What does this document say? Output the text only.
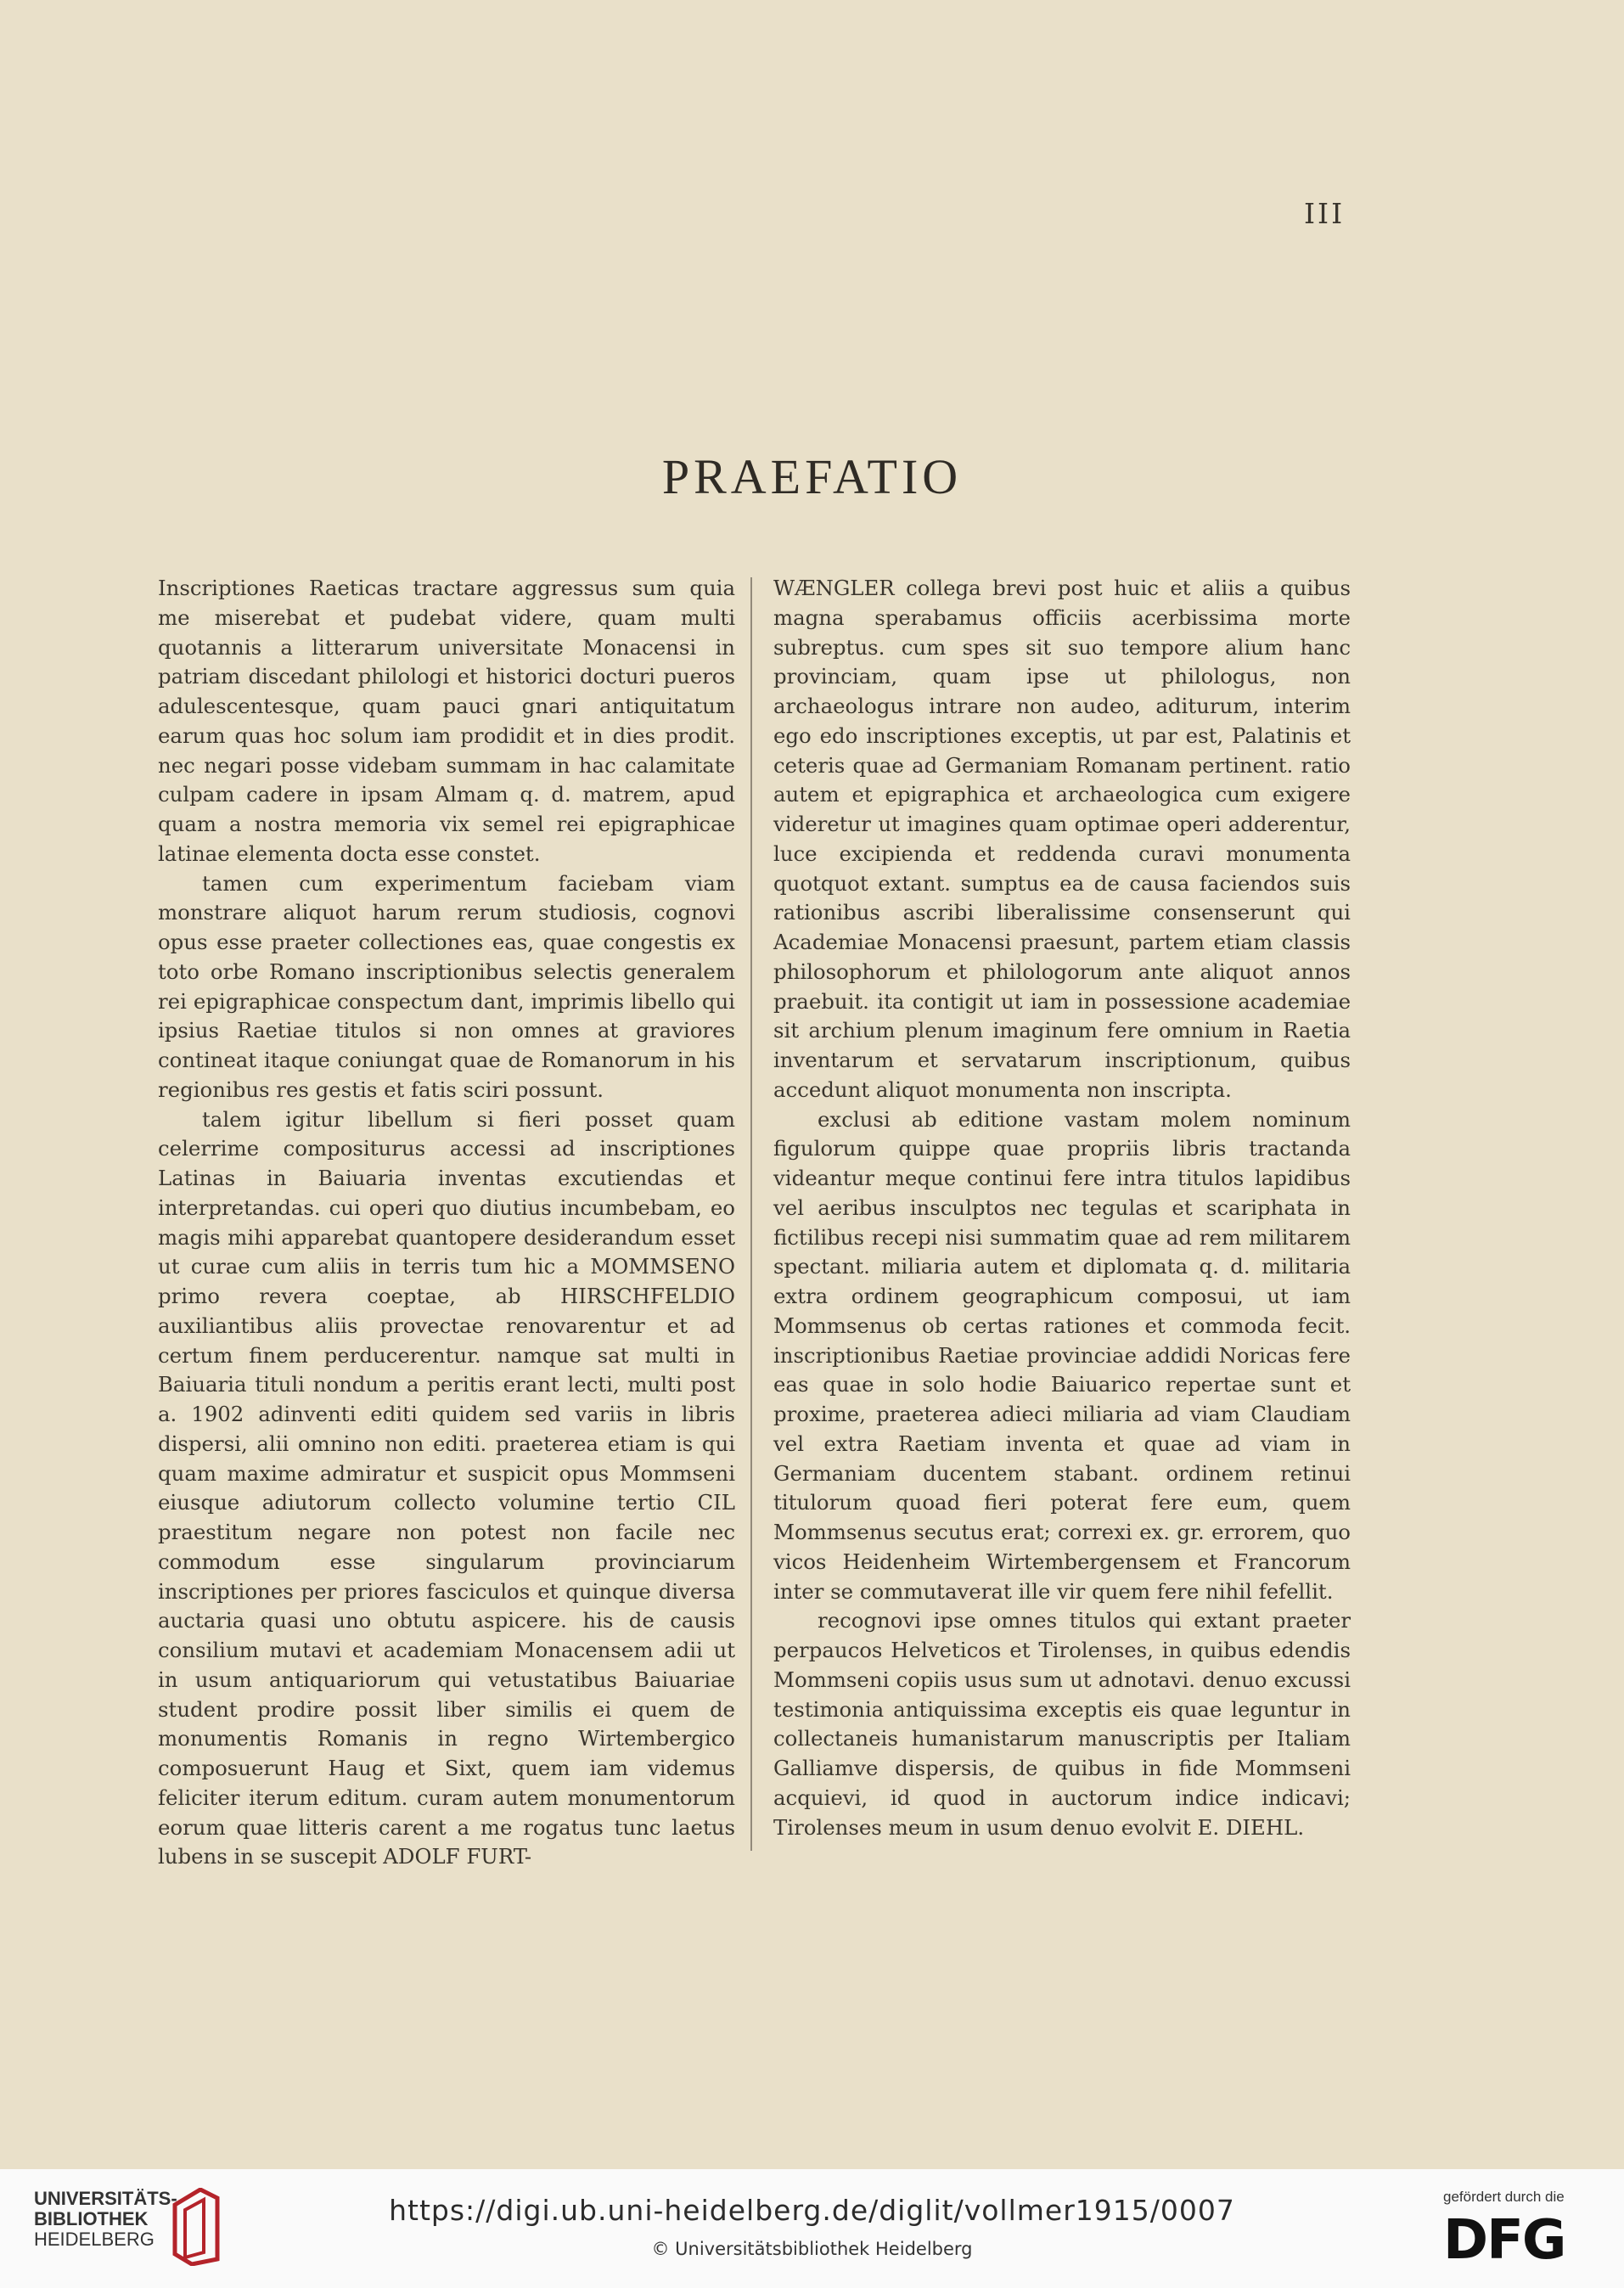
III
PRAEFATIO

Inscriptiones Raeticas tractare aggressus sum quia me miserebat et pudebat videre, quam multi quotannis a litterarum universitate Monacensi in patriam discedant philologi et historici docturi pueros adulescentesque, quam pauci gnari antiquitatum earum quas hoc solum iam prodidit et in dies prodit. nec negari posse videbam summam in hac calamitate culpam cadere in ipsam Almam q. d. matrem, apud quam a nostra memoria vix semel rei epigraphicae latinae elementa docta esse constet.

tamen cum experimentum faciebam viam monstrare aliquot harum rerum studiosis, cognovi opus esse praeter collectiones eas, quae congestis ex toto orbe Romano inscriptionibus selectis generalem rei epigraphicae conspectum dant, imprimis libello qui ipsius Raetiae titulos si non omnes at graviores contineat itaque coniungat quae de Romanorum in his regionibus res gestis et fatis sciri possunt.

talem igitur libellum si fieri posset quam celerrime compositurus accessi ad inscriptiones Latinas in Baiuaria inventas excutiendas et interpretandas. cui operi quo diutius incumbebam, eo magis mihi apparebat quantopere desiderandum esset ut curae cum aliis in terris tum hic a MOMMSENO primo revera coeptae, ab HIRSCHFELDIO auxiliantibus aliis provectae renovarentur et ad certum finem perducerentur. namque sat multi in Baiuaria tituli nondum a peritis erant lecti, multi post a. 1902 adinventi editi quidem sed variis in libris dispersi, alii omnino non editi. praeterea etiam is qui quam maxime admiratur et suspicit opus Mommseni eiusque adiutorum collecto volumine tertio CIL praestitum negare non potest non facile nec commodum esse singularum provinciarum inscriptiones per priores fasciculos et quinque diversa auctaria quasi uno obtutu aspicere. his de causis consilium mutavi et academiam Monacensem adii ut in usum antiquariorum qui vetustatibus Baiuariae student prodire possit liber similis ei quem de monumentis Romanis in regno Wirtembergico composuerunt Haug et Sixt, quem iam videmus feliciter iterum editum. curam autem monumentorum eorum quae litteris carent a me rogatus tunc laetus lubens in se suscepit ADOLF FURT-

WÆNGLER collega brevi post huic et aliis a quibus magna sperabamus officiis acerbissima morte subreptus. cum spes sit suo tempore alium hanc provinciam, quam ipse ut philologus, non archaeologus intrare non audeo, aditurum, interim ego edo inscriptiones exceptis, ut par est, Palatinis et ceteris quae ad Germaniam Romanam pertinent. ratio autem et epigraphica et archaeologica cum exigere videretur ut imagines quam optimae operi adderentur, luce excipienda et reddenda curavi monumenta quotquot extant. sumptus ea de causa faciendos suis rationibus ascribi liberalissime consenserunt qui Academiae Monacensi praesunt, partem etiam classis philosophorum et philologorum ante aliquot annos praebuit. ita contigit ut iam in possessione academiae sit archium plenum imaginum fere omnium in Raetia inventarum et servatarum inscriptionum, quibus accedunt aliquot monumenta non inscripta.

exclusi ab editione vastam molem nominum figulorum quippe quae propriis libris tractanda videantur meque continui fere intra titulos lapidibus vel aeribus insculptos nec tegulas et scariphata in fictilibus recepi nisi summatim quae ad rem militarem spectant. miliaria autem et diplomata q. d. militaria extra ordinem geographicum composui, ut iam Mommsenus ob certas rationes et commoda fecit. inscriptionibus Raetiae provinciae addidi Noricas fere eas quae in solo hodie Baiuarico repertae sunt et proxime, praeterea adieci miliaria ad viam Claudiam vel extra Raetiam inventa et quae ad viam in Germaniam ducentem stabant. ordinem retinui titulorum quoad fieri poterat fere eum, quem Mommsenus secutus erat; correxi ex. gr. errorem, quo vicos Heidenheim Wirtembergensem et Francorum inter se commutaverat ille vir quem fere nihil fefellit.

recognovi ipse omnes titulos qui extant praeter perpaucos Helveticos et Tirolenses, in quibus edendis Mommseni copiis usus sum ut adnotavi. denuo excussi testimonia antiquissima exceptis eis quae leguntur in collectaneis humanistarum manuscriptis per Italiam Galliamve dispersis, de quibus in fide Mommseni acquievi, id quod in auctorum indice indicavi; Tirolenses meum in usum denuo evolvit E. DIEHL.

UNIVERSITÄTS-
BIBLIOTHEK

HEIDELBERG
https://digi.ub.uni-heidelberg.de/diglit/vollmer1915/0007
© Universitätsbibliothek Heidelberg
gefördert durch die
DFG
